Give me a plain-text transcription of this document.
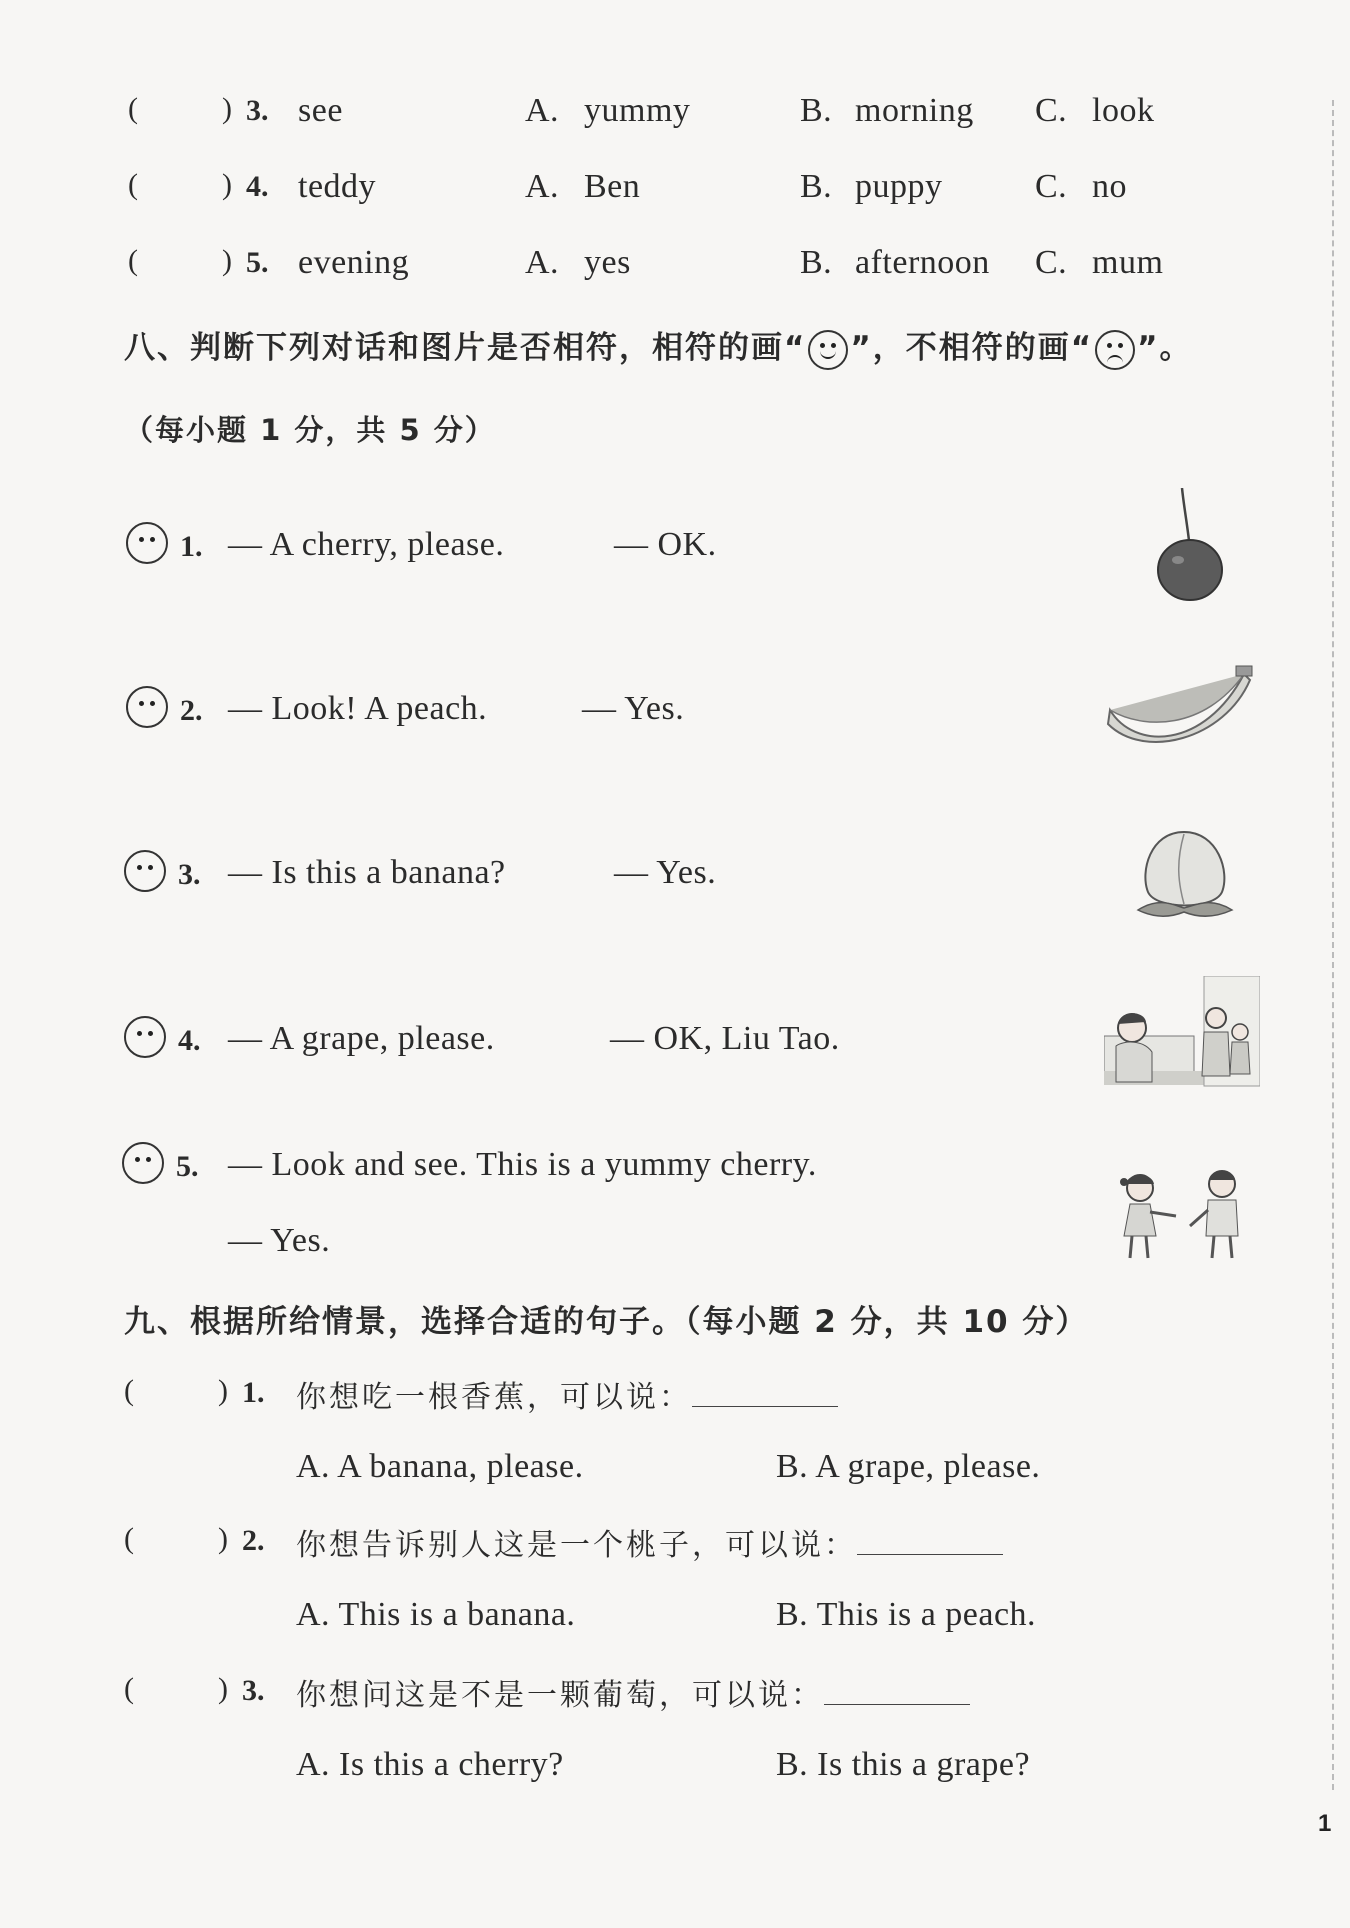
(	) 3. see	A. yummy	B. morning C. look
(	) 4. teddy	A. Ben	B. puppy	C. no
(	) 5. evening	A. yes	B. afternoon C. mum
八、判断下列对话和图片是否相符，相符的画“ ”，不相符的画“ ”。
（每小题 1 分，共 5 分）
1. — A cherry, please.	— OK.
2. — Look! A peach.	— Yes.
3. — Is this a banana?	— Yes.
4. — A grape, please.	— OK, Liu Tao.
5. — Look and see. This is a yummy cherry.
— Yes.
九、根据所给情景，选择合适的句子。（每小题 2 分，共 10 分）
(	) 1. 你想吃一根香蕉，可以说：
A. A banana, please.	B. A grape, please.
(	) 2. 你想告诉别人这是一个桃子，可以说：
A. This is a banana.	B. This is a peach.
(	) 3. 你想问这是不是一颗葡萄，可以说：
A. Is this a cherry?	B. Is this a grape?
1
